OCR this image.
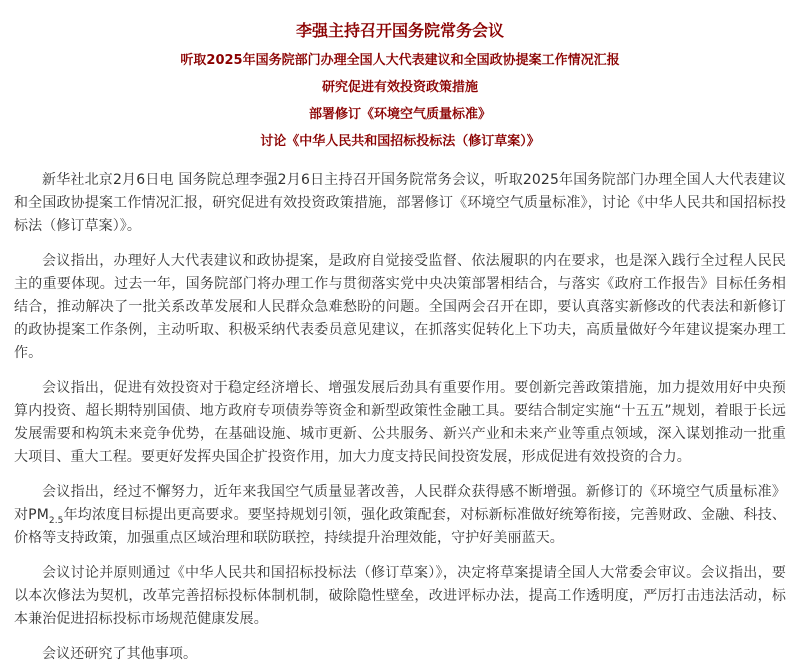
李强主持召开国务院常务会议
听取2025年国务院部门办理全国人大代表建议和全国政协提案工作情况汇报
研究促进有效投资政策措施
部署修订《环境空气质量标准》
讨论《中华人民共和国招标投标法（修订草案）》

新华社北京2月6日电 国务院总理李强2月6日主持召开国务院常务会议，听取2025年国务院部门办理全国人大代表建议和全国政协提案工作情况汇报，研究促进有效投资政策措施，部署修订《环境空气质量标准》，讨论《中华人民共和国招标投标法（修订草案）》。

会议指出，办理好人大代表建议和政协提案，是政府自觉接受监督、依法履职的内在要求，也是深入践行全过程人民民主的重要体现。过去一年，国务院部门将办理工作与贯彻落实党中央决策部署相结合，与落实《政府工作报告》目标任务相结合，推动解决了一批关系改革发展和人民群众急难愁盼的问题。全国两会召开在即，要认真落实新修改的代表法和新修订的政协提案工作条例，主动听取、积极采纳代表委员意见建议，在抓落实促转化上下功夫，高质量做好今年建议提案办理工作。

会议指出，促进有效投资对于稳定经济增长、增强发展后劲具有重要作用。要创新完善政策措施，加力提效用好中央预算内投资、超长期特别国债、地方政府专项债券等资金和新型政策性金融工具。要结合制定实施“十五五”规划，着眼于长远发展需要和构筑未来竞争优势，在基础设施、城市更新、公共服务、新兴产业和未来产业等重点领域，深入谋划推动一批重大项目、重大工程。要更好发挥央国企扩投资作用，加大力度支持民间投资发展，形成促进有效投资的合力。

会议指出，经过不懈努力，近年来我国空气质量显著改善，人民群众获得感不断增强。新修订的《环境空气质量标准》对$PM_{2.5}$年均浓度目标提出更高要求。要坚持规划引领，强化政策配套，对标新标准做好统筹衔接，完善财政、金融、科技、价格等支持政策，加强重点区域治理和联防联控，持续提升治理效能，守护好美丽蓝天。

会议讨论并原则通过《中华人民共和国招标投标法（修订草案）》，决定将草案提请全国人大常委会审议。会议指出，要以本次修法为契机，改革完善招标投标体制机制，破除隐性壁垒，改进评标办法，提高工作透明度，严厉打击违法活动，标本兼治促进招标投标市场规范健康发展。

会议还研究了其他事项。
